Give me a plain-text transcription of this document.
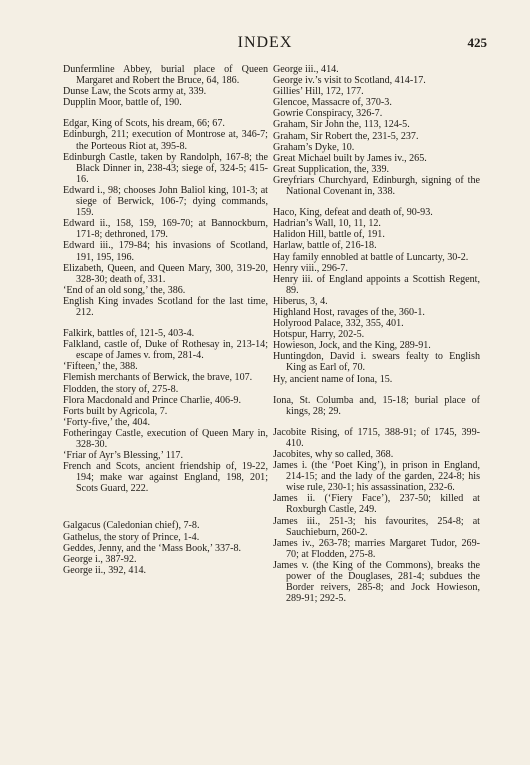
INDEX	425
Dunfermline Abbey, burial place of Queen Margaret and Robert the Bruce, 64, 186.
Dunse Law, the Scots army at, 339.
Dupplin Moor, battle of, 190.
Edgar, King of Scots, his dream, 66; 67.
Edinburgh, 211; execution of Montrose at, 346-7; the Porteous Riot at, 395-8.
Edinburgh Castle, taken by Randolph, 167-8; the Black Dinner in, 238-43; siege of, 324-5; 415-16.
Edward i., 98; chooses John Baliol king, 101-3; at siege of Berwick, 106-7; dying commands, 159.
Edward ii., 158, 159, 169-70; at Bannockburn, 171-8; dethroned, 179.
Edward iii., 179-84; his invasions of Scotland, 191, 195, 196.
Elizabeth, Queen, and Queen Mary, 300, 319-20, 328-30; death of, 331.
‘End of an old song,’ the, 386.
English King invades Scotland for the last time, 212.
Falkirk, battles of, 121-5, 403-4.
Falkland, castle of, Duke of Rothesay in, 213-14; escape of James v. from, 281-4.
‘Fifteen,’ the, 388.
Flemish merchants of Berwick, the brave, 107.
Flodden, the story of, 275-8.
Flora Macdonald and Prince Charlie, 406-9.
Forts built by Agricola, 7.
‘Forty-five,’ the, 404.
Fotheringay Castle, execution of Queen Mary in, 328-30.
‘Friar of Ayr’s Blessing,’ 117.
French and Scots, ancient friendship of, 19-22, 194; make war against England, 198, 201; Scots Guard, 222.
Galgacus (Caledonian chief), 7-8.
Gathelus, the story of Prince, 1-4.
Geddes, Jenny, and the ‘Mass Book,’ 337-8.
George i., 387-92.
George ii., 392, 414.
George iii., 414.
George iv.’s visit to Scotland, 414-17.
Gillies’ Hill, 172, 177.
Glencoe, Massacre of, 370-3.
Gowrie Conspiracy, 326-7.
Graham, Sir John the, 113, 124-5.
Graham, Sir Robert the, 231-5, 237.
Graham’s Dyke, 10.
Great Michael built by James iv., 265.
Great Supplication, the, 339.
Greyfriars Churchyard, Edinburgh, signing of the National Covenant in, 338.
Haco, King, defeat and death of, 90-93.
Hadrian’s Wall, 10, 11, 12.
Halidon Hill, battle of, 191.
Harlaw, battle of, 216-18.
Hay family ennobled at battle of Luncarty, 30-2.
Henry viii., 296-7.
Henry iii. of England appoints a Scottish Regent, 89.
Hiberus, 3, 4.
Highland Host, ravages of the, 360-1.
Holyrood Palace, 332, 355, 401.
Hotspur, Harry, 202-5.
Howieson, Jock, and the King, 289-91.
Huntingdon, David i. swears fealty to English King as Earl of, 70.
Hy, ancient name of Iona, 15.
Iona, St. Columba and, 15-18; burial place of kings, 28; 29.
Jacobite Rising, of 1715, 388-91; of 1745, 399-410.
Jacobites, why so called, 368.
James i. (the ‘Poet King’), in prison in England, 214-15; and the lady of the garden, 224-8; his wise rule, 230-1; his assassination, 232-6.
James ii. (‘Fiery Face’), 237-50; killed at Roxburgh Castle, 249.
James iii., 251-3; his favourites, 254-8; at Sauchieburn, 260-2.
James iv., 263-78; marries Margaret Tudor, 269-70; at Flodden, 275-8.
James v. (the King of the Commons), breaks the power of the Douglases, 281-4; subdues the Border reivers, 285-8; and Jock Howieson, 289-91; 292-5.
